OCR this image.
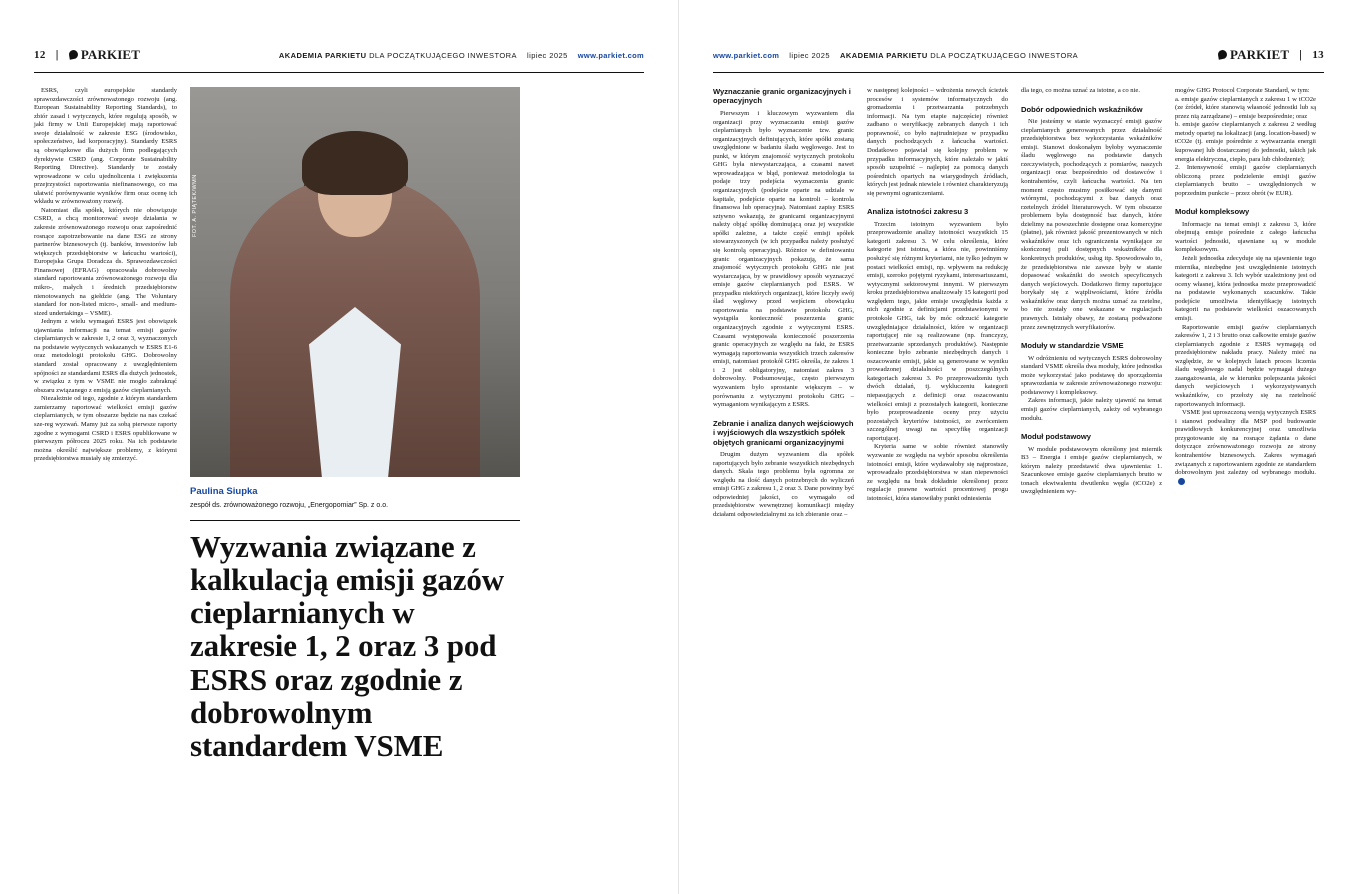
12 |	PARKIET	AKADEMIA PARKIETU DLA POCZĄTKUJĄCEGO INWESTORA lipiec 2025 www.parkiet.com

ESRS, czyli europejskie standardy sprawozdawczości zrównoważonego rozwoju (ang. European Sustainability Reporting Standards), to zbiór zasad i wytycznych, które regulują sposób, w jaki firmy w Unii Europejskiej mają raportować swoje działalność w zakresie ESG (środowisko, społeczeństwo, ład korporacyjny). Standardy ESRS są obowiązkowe dla dużych firm podlegających dyrektywie CSRD (ang. Corporate Sustainability Reporting Directive). Standardy te zostały wprowadzone w celu ujednolicenia i zwiększenia przejrzystości raportowania niefinansowego, co ma ułatwić porównywanie wyników firm oraz ocenę ich wkładu w zrównoważony rozwój.

Natomiast dla spółek, których nie obowiązuje CSRD, a chcą monitorować swoje działania w zakresie zrównoważonego rozwoju oraz zapośrednić rosnące zapotrzebowanie na dane ESG ze strony partnerów biznesowych (tj. banków, inwestorów lub większych przedsiębiorstw w łańcuchu wartości), Europejska Grupa Doradcza ds. Sprawozdawczości Finansowej (EFRAG) opracowała dobrowolny standard raportowania zrównoważonego rozwoju dla mikro-, małych i średnich przedsiębiorstw nienotowanych na giełdzie (ang. The Voluntary standard for non-listed micro-, small- and medium-sized undertakings – VSME).

Jednym z wielu wymagań ESRS jest obowiązek ujawniania informacji na temat emisji gazów cieplarnianych w zakresie 1, 2 oraz 3, wyznaczonych na podstawie wytycznych wskazanych w ESRS E1-6 oraz metodologii protokołu GHG. Dobrowolny standard został opracowany z uwzględnieniem spójności ze standardami ESRS dla dużych jednostek, w związku z tym w VSME nie mogło zabraknąć obszaru związanego z emisją gazów cieplarnianych.

Niezależnie od tego, zgodnie z którym standardem zamierzamy raportować wielkości emisji gazów cieplarnianych, w tym obszarze będzie na nas czekać sze-reg wyzwań. Mamy już za sobą pierwsze raporty zgodne z wymogami CSRD i ESRS opublikowane w pierwszym półroczu 2025 roku. Na ich podstawie można określić największe problemy, z którymi przedsiębiorstwa musiały się zmierzyć.

FOT. A. PIĄTEK/WMN
Paulina Siupka
zespół ds. zrównoważonego rozwoju, „Energopomiar” Sp. z o.o.
Wyzwania związane z kalkulacją emisji gazów cieplarnianych w zakresie 1, 2 oraz 3 pod ESRS oraz zgodnie z dobrowolnym standardem VSME
www.parkiet.com lipiec 2025 AKADEMIA PARKIETU DLA POCZĄTKUJĄCEGO INWESTORA	PARKIET | 13
Wyznaczanie granic organizacyjnych i operacyjnych

Pierwszym i kluczowym wyzwaniem dla organizacji przy wyznaczaniu emisji gazów cieplarnianych było wyznaczenie tzw. granic organizacyjnych definiujących, które spółki zostaną uwzględnione w badaniu śladu węglowego. Jest to punkt, w którym znajomość wytycznych protokołu GHG była niewystarczająca, a czasami nawet wprowadzająca w błąd, ponieważ metodologia ta podaje trzy podejścia wyznaczenia granic organizacyjnych (podejście oparte na udziale w kapitale, podejście oparte na kontroli – kontrola finansowa lub operacyjna). Natomiast zapisy ESRS sztywno wskazują, że granicami organizacyjnymi należy objąć spółkę dominującą oraz jej wszystkie spółki zależne, a także część emisji spółek stowarzyszonych (w ich przypadku należy posłużyć się kontrolą operacyjną). Różnice w definiowaniu granic organizacyjnych pokazują, że sama znajomość wytycznych protokołu GHG nie jest wystarczająca, by w prawidłowy sposób wyznaczyć emisje gazów cieplarnianych pod ESRS. W przypadku niektórych organizacji, które liczyły swój ślad węglowy przed wejściem obowiązku raportowania na podstawie protokołu GHG, wystąpiła konieczność poszerzenia granic organizacyjnych zgodnie z wytycznymi ESRS. Czasami występowała konieczność poszerzenia granic operacyjnych ze względu na fakt, że ESRS wymagają raportowania wszystkich trzech zakresów emisji, natomiast protokół GHG określa, że zakres 1 i 2 jest obligatoryjny, natomiast zakres 3 dobrowolny. Podsumowując, często pierwszym wyzwaniem było sprostanie większym – w porównaniu z wytycznymi protokołu GHG – wymaganiom wynikającym z ESRS.

Zebranie i analiza danych wejściowych i wyjściowych dla wszystkich spółek objętych granicami organizacyjnymi

Drugim dużym wyzwaniem dla spółek raportujących było zebranie wszystkich niezbędnych danych. Skala tego problemu była ogromna ze względu na ilość danych potrzebnych do wyliczeń emisji GHG z zakresu 1, 2 oraz 3. Dane powinny być odpowiedniej jakości, co wymagało od przedsiębiorstw wewnętrznej komunikacji między działami odpowiedzialnymi za ich zbieranie oraz –

w następnej kolejności – wdrożenia nowych ścieżek procesów i systemów informatycznych do gromadzenia i przetwarzania potrzebnych informacji. Na tym etapie najczęściej również zadbano o weryfikację zebranych danych i ich poprawność, co było najtrudniejsze w przypadku danych pochodzących z łańcucha wartości. Dodatkowo pojawiał się kolejny problem w przypadku informacyjnych, które należało w jakiś sposób uzupełnić – najlepiej za pomocą danych pośrednich opartych na wiarygodnych źródłach, których jest jednak niewiele i również charakteryzują się pewnymi ograniczeniami.

Analiza istotności zakresu 3

Trzecim istotnym wyzwaniem było przeprowadzenie analizy istotności wszystkich 15 kategorii zakresu 3. W celu określenia, które kategorie jest istotna, a która nie, powinniśmy posłużyć się różnymi kryteriami, nie tylko jednym w postaci wielkości emisji, np. wpływem na redukcję emisji, szeroko pojętymi ryzykami, interesariuszami, wytycznymi sektorowymi innymi. W pierwszym kroku przedsiębiorstwa analizowały 15 kategorii pod względem tego, jakie emisje uwzględnia każda z nich zgodnie z definicjami przedstawionymi w protokole GHG, tak by móc odrzucić kategorie uwzględniające działalności, które w organizacji raportującej nie są realizowane (np. franczyzy, przetwarzanie sprzedanych produktów). Następnie konieczne było zebranie niezbędnych danych i oszacowanie emisji, jakie są generowane w wyniku prowadzonej działalności w poszczególnych kategoriach zakresu 3. Po przeprowadzeniu tych dwóch działań, tj. wykluczeniu kategorii niepasujących z definicji oraz oszacowaniu wielkości emisji z pozostałych kategorii, konieczne było przeprowadzenie oceny przy użyciu pozostałych kryteriów istotności, ze zwróceniem szczególnej uwagi na specyfikę organizacji raportującej.

Kryteria same w sobie również stanowiły wyzwanie ze względu na wybór sposobu określenia istotności emisji, które wydawałoby się najprostsze, wprowadzało przedsiębiorstwa w stan niepewności ze względu na brak dokładnie określonej przez regulacje prawne wartości procentowej progu istotności, która stanowiłaby punkt odniesienia

dla tego, co można uznać za istotne, a co nie.

Dobór odpowiednich wskaźników

Nie jesteśmy w stanie wyznaczyć emisji gazów cieplarnianych generowanych przez działalność przedsiębiorstwa bez wykorzystania wskaźników emisji. Stanowi doskonałym byłoby wyznaczenie śladu węglowego na podstawie danych rzeczywistych, pochodzących z pomiarów, naszych organizacji oraz bezpośrednio od dostawców i kontrahentów, czyli łańcucha wartości. Na ten moment często musimy posiłkować się danymi wtórnymi, pochodzącymi z baz danych oraz rzetelnych źródeł literaturowych. W tym obszarze problemem była dostępność baz danych, które dzielimy na powszechnie dostępne oraz komercyjne (płatne), jak również jakość prezentowanych w nich wskaźników oraz ich ograniczenia wynikające ze skończonej puli dostępnych wskaźników dla konkretnych produktów, usług itp. Spowodowało to, że przedsiębiorstwa nie zawsze były w stanie dopasować wskaźniki do swoich specyficznych danych wejściowych. Dodatkowo firmy raportujące borykały się z wątpliwościami, które źródła wskaźników oraz danych można uznać za rzetelne, bo nie zostały one wskazane w regulacjach prawnych. Istniały obawy, że zostaną podważone przez zewnętrznych weryfikatorów.

Moduły w standardzie VSME

W odróżnieniu od wytycznych ESRS dobrowolny standard VSME określa dwa moduły, które jednostka może wykorzystać jako podstawę do sporządzenia sprawozdania w zakresie zrównoważonego rozwoju: podstawowy i kompleksowy.

Zakres informacji, jakie należy ujawnić na temat emisji gazów cieplarnianych, zależy od wybranego modułu.

Moduł podstawowy

W module podstawowym określony jest miernik B3 – Energia i emisje gazów cieplarnianych, w którym należy przedstawić dwa ujawnienia: 1. Szacunkowe emisje gazów cieplarnianych brutto w tonach ekwiwalentu dwutlenku węgla (tCO2e) z uwzględnieniem wy-

mogów GHG Protocol Corporate Standard, w tym:

a. emisje gazów cieplarnianych z zakresu 1 w tCO2e (ze źródeł, które stanowią własność jednostki lub są przez nią zarządzane) – emisje bezpośrednie; oraz

b. emisje gazów cieplarnianych z zakresu 2 według metody opartej na lokalizacji (ang. location-based) w tCO2e (tj. emisje pośrednie z wytwarzania energii kupowanej lub dostarczanej do jednostki, takich jak energia elektryczna, ciepło, para lub chłodzenie);

2. Intensywność emisji gazów cieplarnianych obliczoną przez podzielenie emisji gazów cieplarnianych brutto – uwzględnionych w poprzednim punkcie – przez obrót (w EUR).

Moduł kompleksowy

Informacje na temat emisji z zakresu 3, które obejmują emisje pośrednie z całego łańcucha wartości jednostki, ujawniane są w module kompleksowym.

Jeżeli jednostka zdecyduje się na ujawnienie tego miernika, niezbędne jest uwzględnienie istotnych kategorii z zakresu 3. Ich wybór uzależniony jest od oceny własnej, która jednostka może przeprowadzić na podstawie wykonanych szacunków. Takie podejście umożliwia identyfikację istotnych kategorii na podstawie wielkości oszacowanych emisji.

Raportowanie emisji gazów cieplarnianych zakresów 1, 2 i 3 brutto oraz całkowite emisje gazów cieplarnianych zgodnie z ESRS wymagają od przedsiębiorstw nakładu pracy. Należy mieć na względzie, że w kolejnych latach proces liczenia śladu węglowego nadal będzie wymagał dużego zaangażowania, ale w kierunku polepszania jakości danych wejściowych i wykorzystywanych wskaźników, co przełoży się na rzetelność raportowanych informacji.

VSME jest uproszczoną wersją wytycznych ESRS i stanowi podwaliny dla MSP pod budowanie prawidłowych konkurencyjnej oraz umożliwia przygotowanie się na rosnące żądania o dane dotyczące zrównoważonego rozwoju ze strony kontrahentów biznesowych. Zakres wymagań związanych z raportowaniem zgodnie ze standardem dobrowolnym jest zależny od wybranego modułu.
